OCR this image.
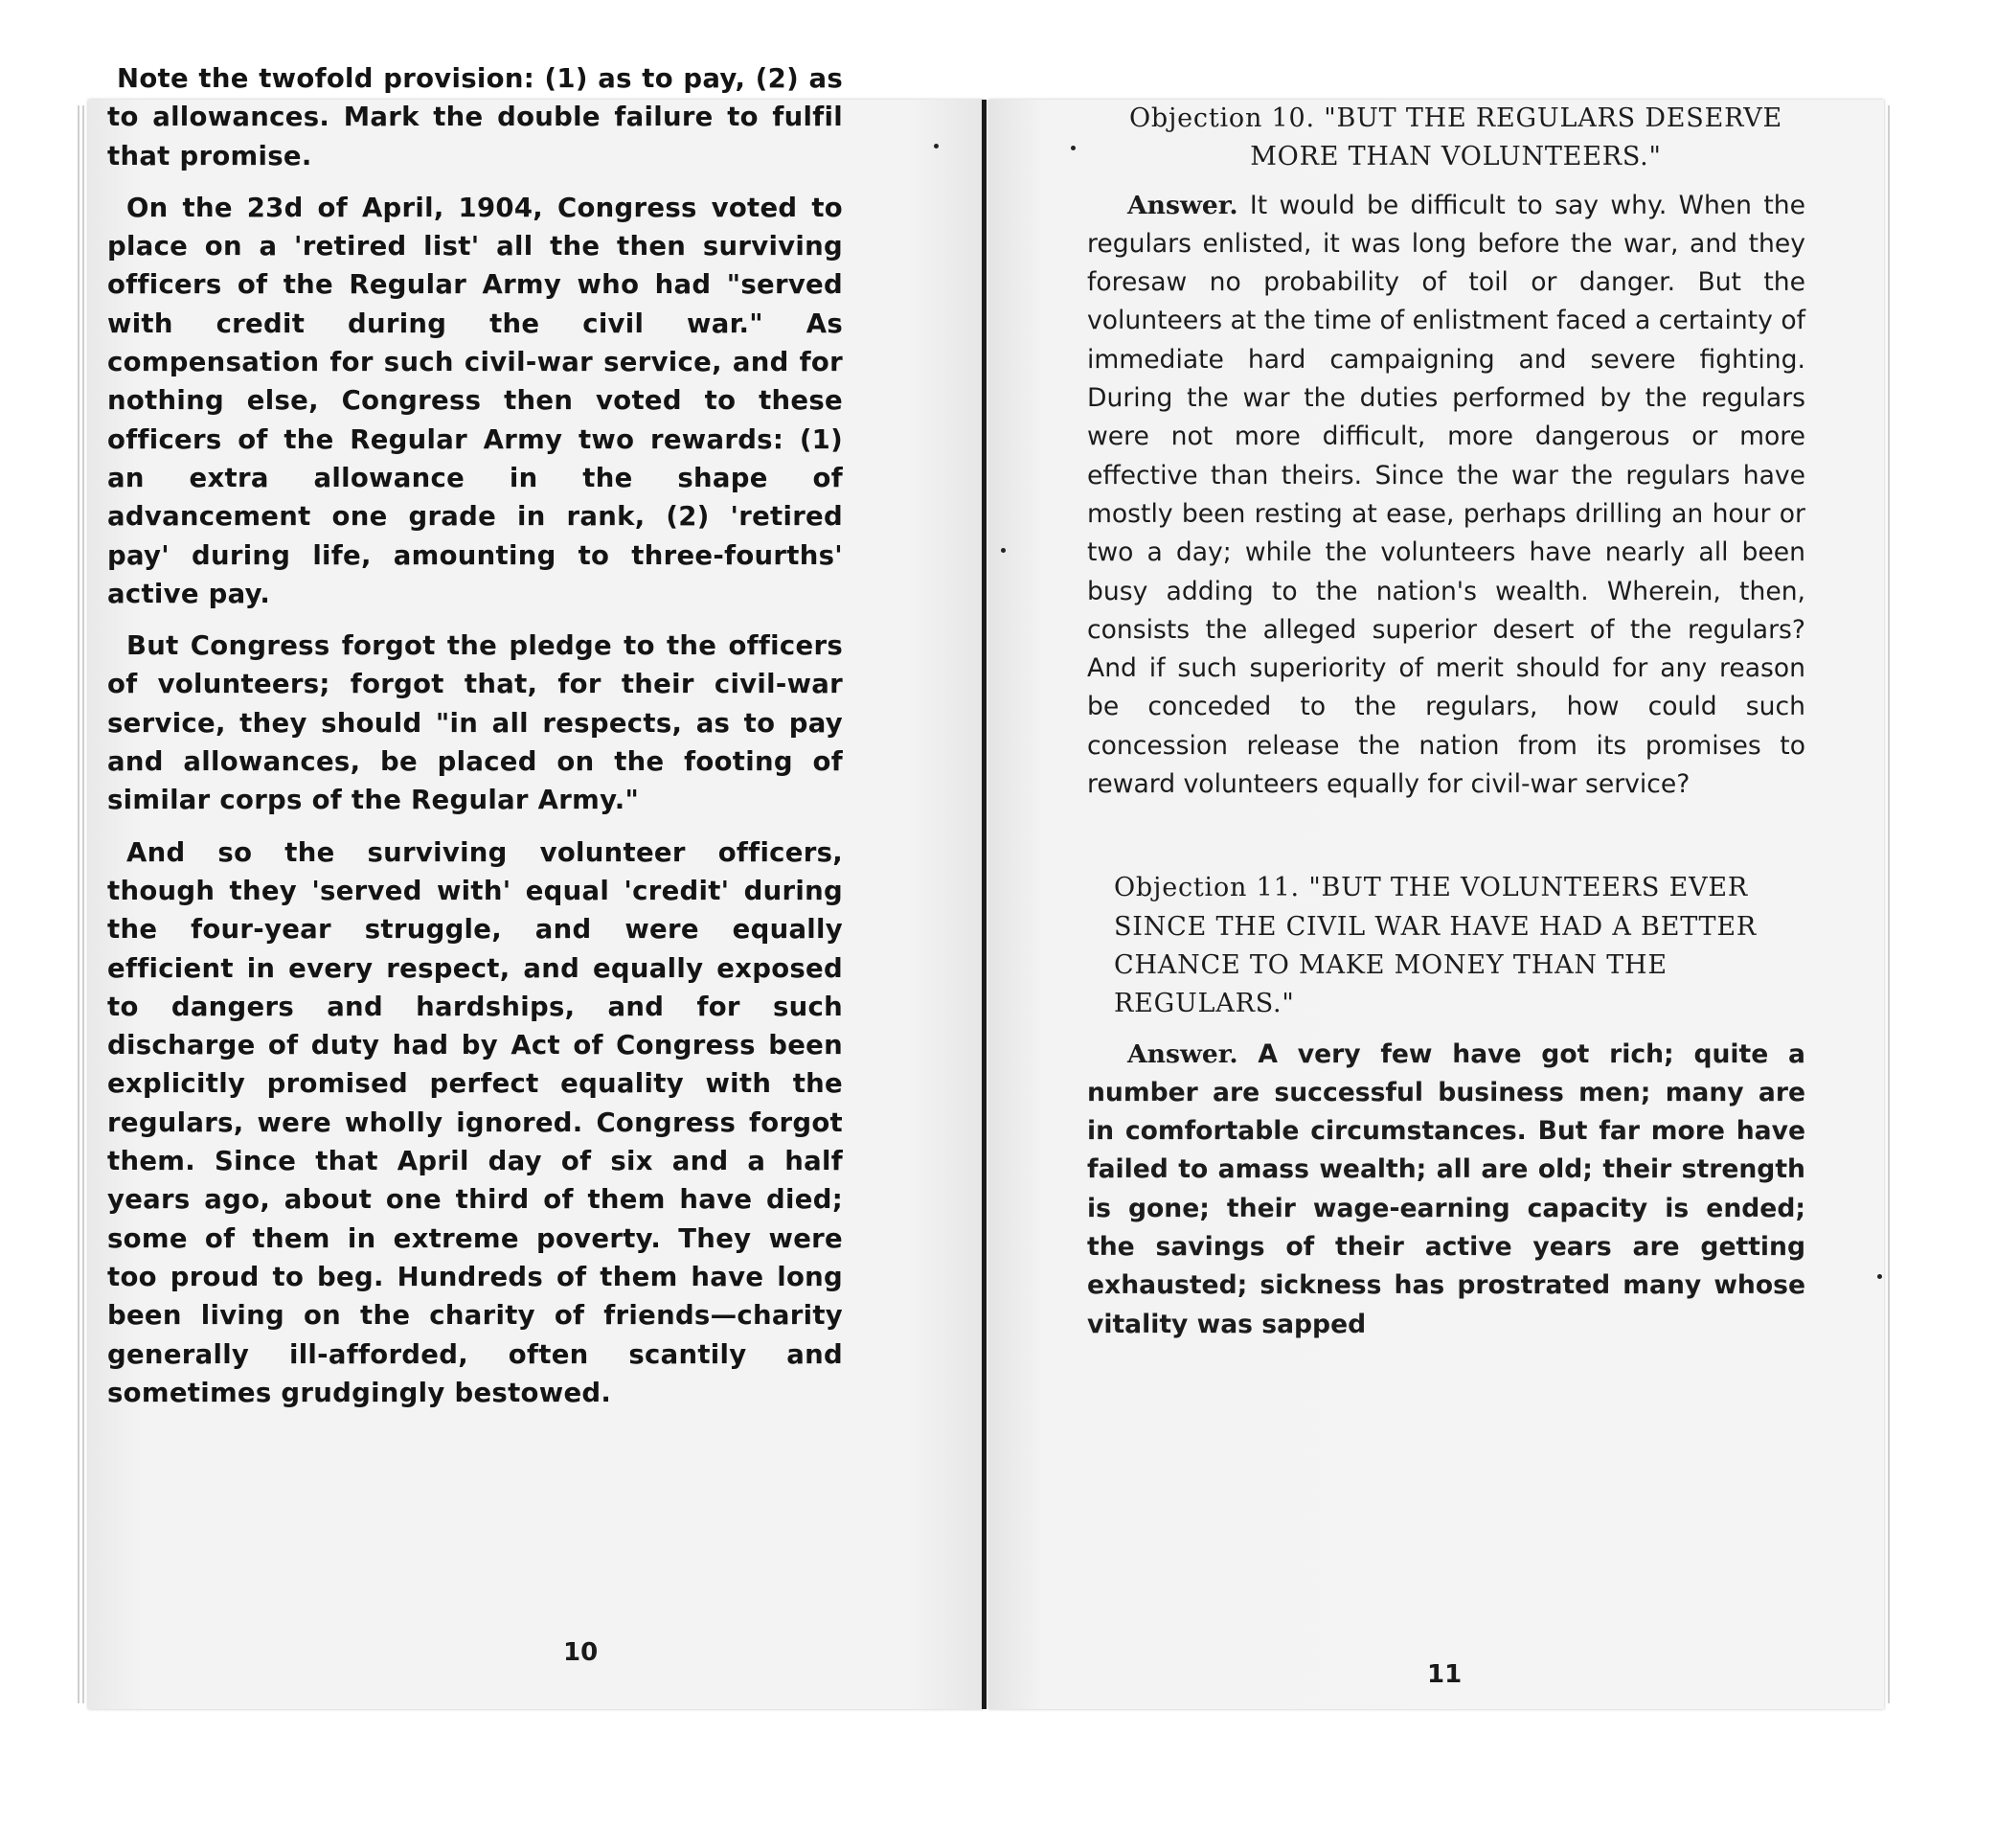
Note the twofold provision: (1) as to pay, (2) as to allowances. Mark the double failure to fulfil that promise.

On the 23d of April, 1904, Congress voted to place on a 'retired list' all the then surviving officers of the Regular Army who had "served with credit during the civil war." As compensation for such civil-war service, and for nothing else, Congress then voted to these officers of the Regular Army two rewards: (1) an extra allowance in the shape of advancement one grade in rank, (2) 'retired pay' during life, amounting to three-fourths' active pay.

But Congress forgot the pledge to the officers of volunteers; forgot that, for their civil-war service, they should "in all respects, as to pay and allowances, be placed on the footing of similar corps of the Regular Army."

And so the surviving volunteer officers, though they 'served with' equal 'credit' during the four-year struggle, and were equally efficient in every respect, and equally exposed to dangers and hardships, and for such discharge of duty had by Act of Congress been explicitly promised perfect equality with the regulars, were wholly ignored. Congress forgot them. Since that April day of six and a half years ago, about one third of them have died; some of them in extreme poverty. They were too proud to beg. Hundreds of them have long been living on the charity of friends—charity generally ill-afforded, often scantily and sometimes grudgingly bestowed.

10

Objection 10. "BUT THE REGULARS DESERVE MORE THAN VOLUNTEERS."

Answer. It would be difficult to say why. When the regulars enlisted, it was long before the war, and they foresaw no probability of toil or danger. But the volunteers at the time of enlistment faced a certainty of immediate hard campaigning and severe fighting. During the war the duties performed by the regulars were not more difficult, more dangerous or more effective than theirs. Since the war the regulars have mostly been resting at ease, perhaps drilling an hour or two a day; while the volunteers have nearly all been busy adding to the nation's wealth. Wherein, then, consists the alleged superior desert of the regulars? And if such superiority of merit should for any reason be conceded to the regulars, how could such concession release the nation from its promises to reward volunteers equally for civil-war service?

Objection 11. "BUT THE VOLUNTEERS EVER SINCE THE CIVIL WAR HAVE HAD A BETTER CHANCE TO MAKE MONEY THAN THE REGULARS."

Answer. A very few have got rich; quite a number are successful business men; many are in comfortable circumstances. But far more have failed to amass wealth; all are old; their strength is gone; their wage-earning capacity is ended; the savings of their active years are getting exhausted; sickness has prostrated many whose vitality was sapped

11
